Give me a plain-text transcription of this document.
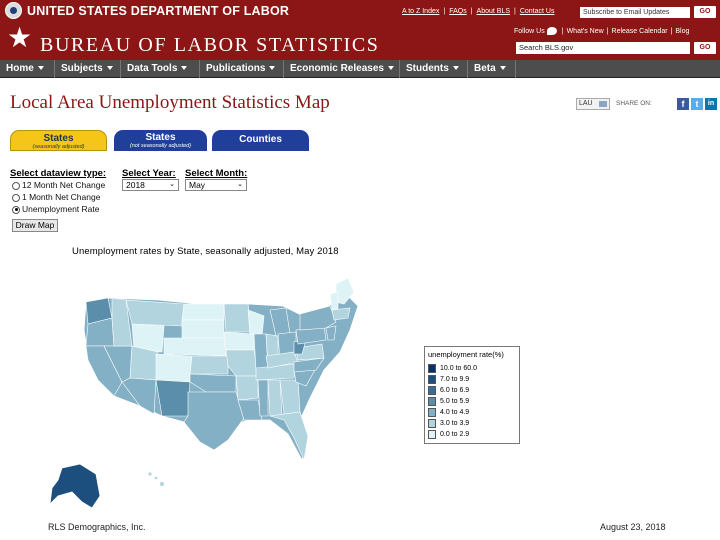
UNITED STATES DEPARTMENT OF LABOR
★ BUREAU OF LABOR STATISTICS
A to Z Index | FAQs | About BLS | Contact Us	Subscribe to Email Updates	GO
Follow Us | What's New | Release Calendar | Blog
Search BLS.gov
GO
Home	Subjects	Data Tools	Publications	Economic Releases	Students	Beta
Local Area Unemployment Statistics Map	LAU	SHARE ON:	f	t	in
States
(seasonally adjusted)
States
(not seasonally adjusted)
Counties
Select dataview type: Select Year: Select Month:
12 Month Net Change
1 Month Net Change
Unemployment Rate
2018	⌄	May	⌄
Draw Map
Unemployment rates by State, seasonally adjusted, May 2018
unemployment rate(%)
10.0 to 60.0
7.0 to 9.9
6.0 to 6.9
5.0 to 5.9
4.0 to 4.9
3.0 to 3.9
0.0 to 2.9
RLS Demographics, Inc.	August 23, 2018
